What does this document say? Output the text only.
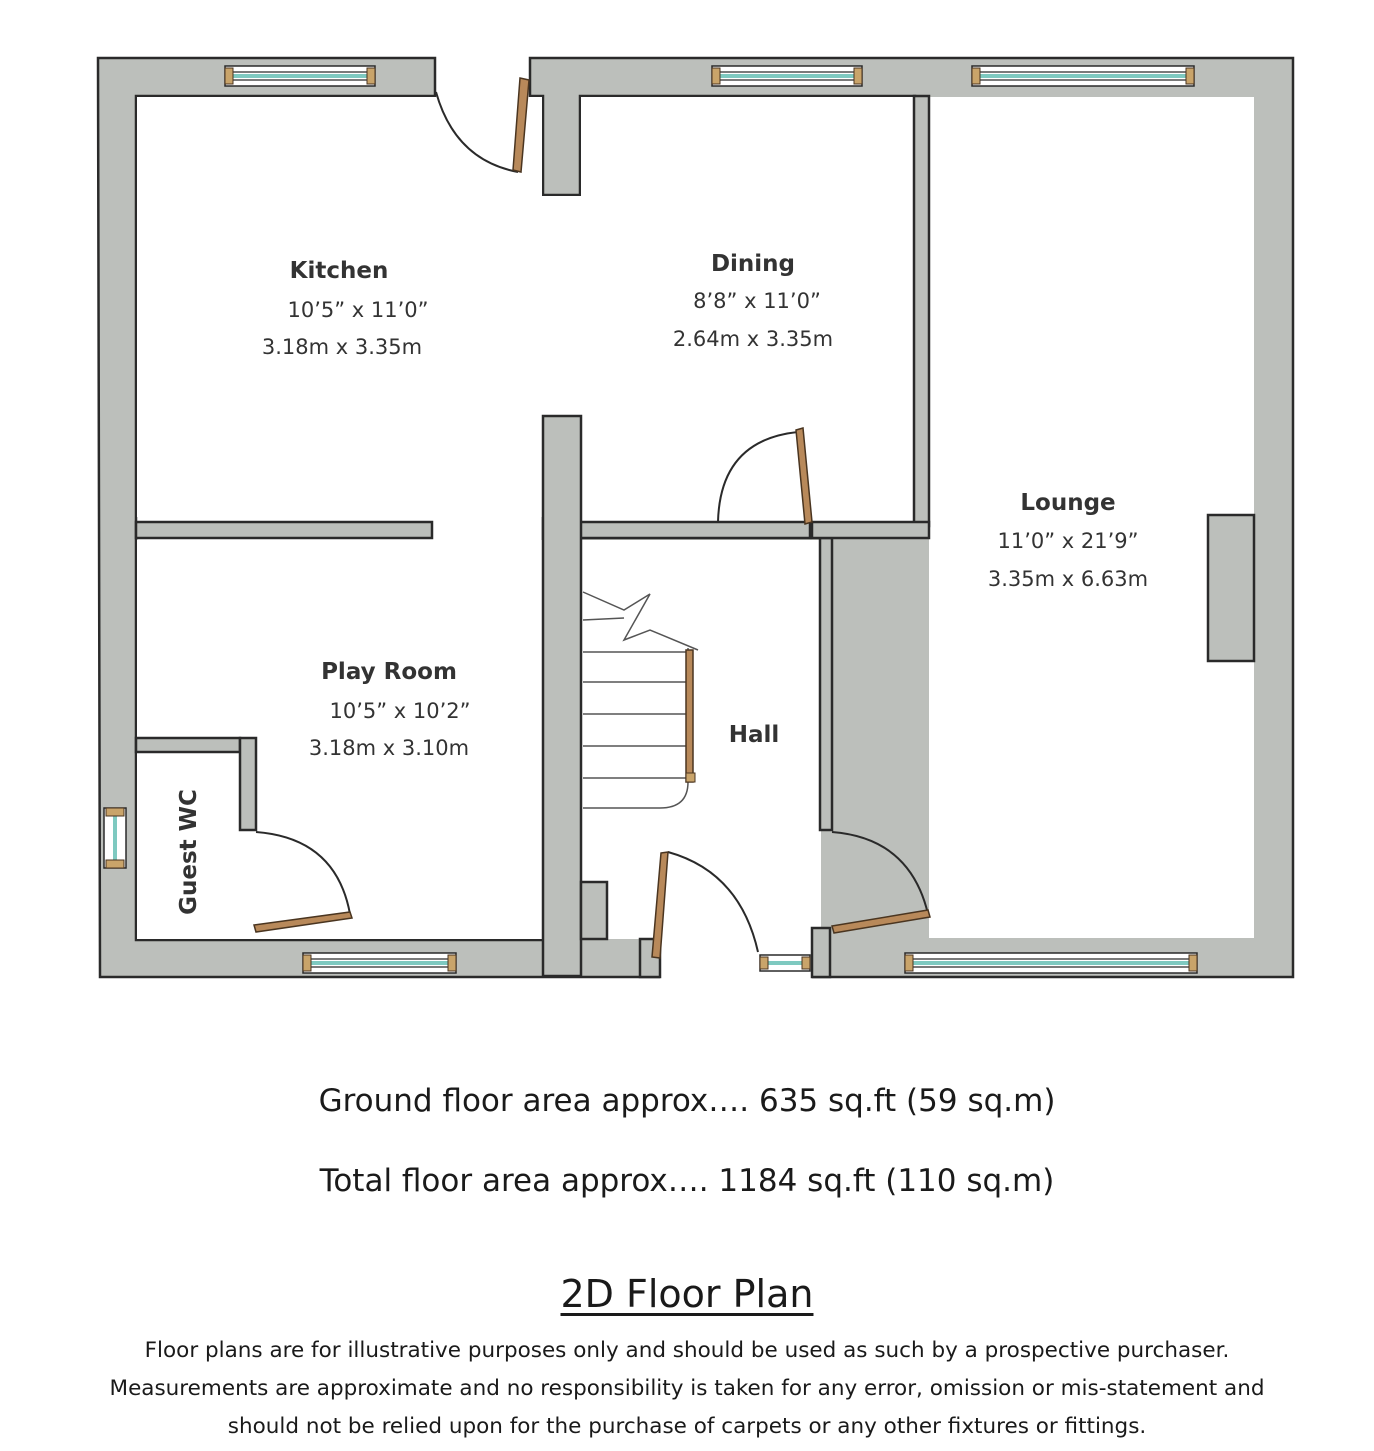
Kitchen
10’5” x 11’0”
3.18m x 3.35m
Dining
8’8” x 11’0”
2.64m x 3.35m
Lounge
11’0” x 21’9”
3.35m x 6.63m
Play Room
10’5” x 10’2”
3.18m x 3.10m	Hall
Guest WC
Ground floor area approx…. 635 sq.ft (59 sq.m)
Total floor area approx…. 1184 sq.ft (110 sq.m)
2D Floor Plan
Floor plans are for illustrative purposes only and should be used as such by a prospective purchaser.
Measurements are approximate and no responsibility is taken for any error, omission or mis-statement and
should not be relied upon for the purchase of carpets or any other fixtures or fittings.
